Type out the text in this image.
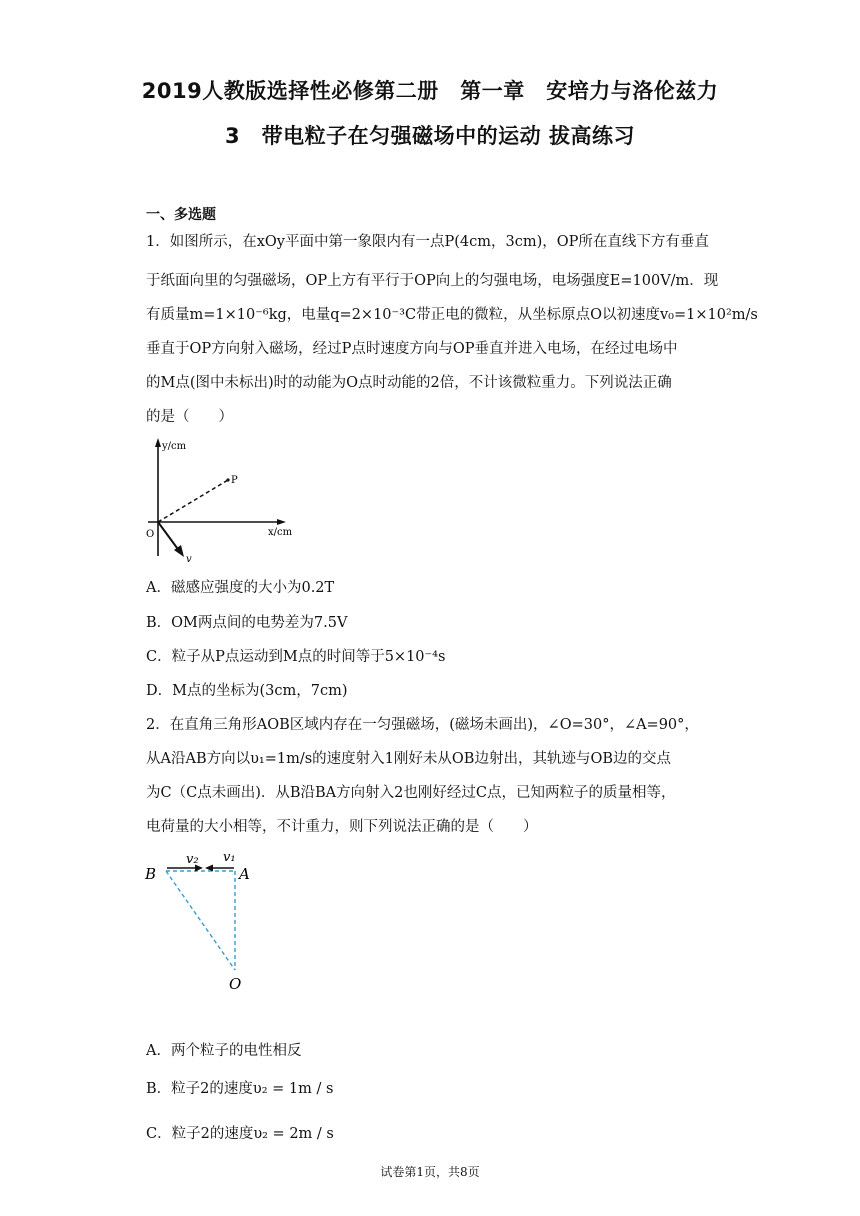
2019人教版选择性必修第二册　第一章　安培力与洛伦兹力
3　带电粒子在匀强磁场中的运动 拔高练习
一、多选题
1．如图所示，在xOy平面中第一象限内有一点P(4cm，3cm)，OP所在直线下方有垂直
于纸面向里的匀强磁场，OP上方有平行于OP向上的匀强电场，电场强度E=100V/m．现
有质量m=1×10⁻⁶kg，电量q=2×10⁻³C带正电的微粒，从坐标原点O以初速度v₀=1×10²m/s
垂直于OP方向射入磁场，经过P点时速度方向与OP垂直并进入电场，在经过电场中
的M点(图中未标出)时的动能为O点时动能的2倍，不计该微粒重力。下列说法正确
的是（　　）
y/cm
x/cm
O
P
v
A．磁感应强度的大小为0.2T
B．OM两点间的电势差为7.5V
C．粒子从P点运动到M点的时间等于5×10⁻⁴s
D．M点的坐标为(3cm，7cm)
2．在直角三角形AOB区域内存在一匀强磁场，(磁场未画出)，∠O=30°，∠A=90°，
从A沿AB方向以υ₁=1m/s的速度射入1刚好未从OB边射出，其轨迹与OB边的交点
为C（C点未画出)．从B沿BA方向射入2也刚好经过C点，已知两粒子的质量相等，
电荷量的大小相等，不计重力，则下列说法正确的是（　　）
B	A
O
v₂ v₁
A．两个粒子的电性相反
B．粒子2的速度υ₂ = 1m / s
C．粒子2的速度υ₂ = 2m / s
试卷第1页，共8页
